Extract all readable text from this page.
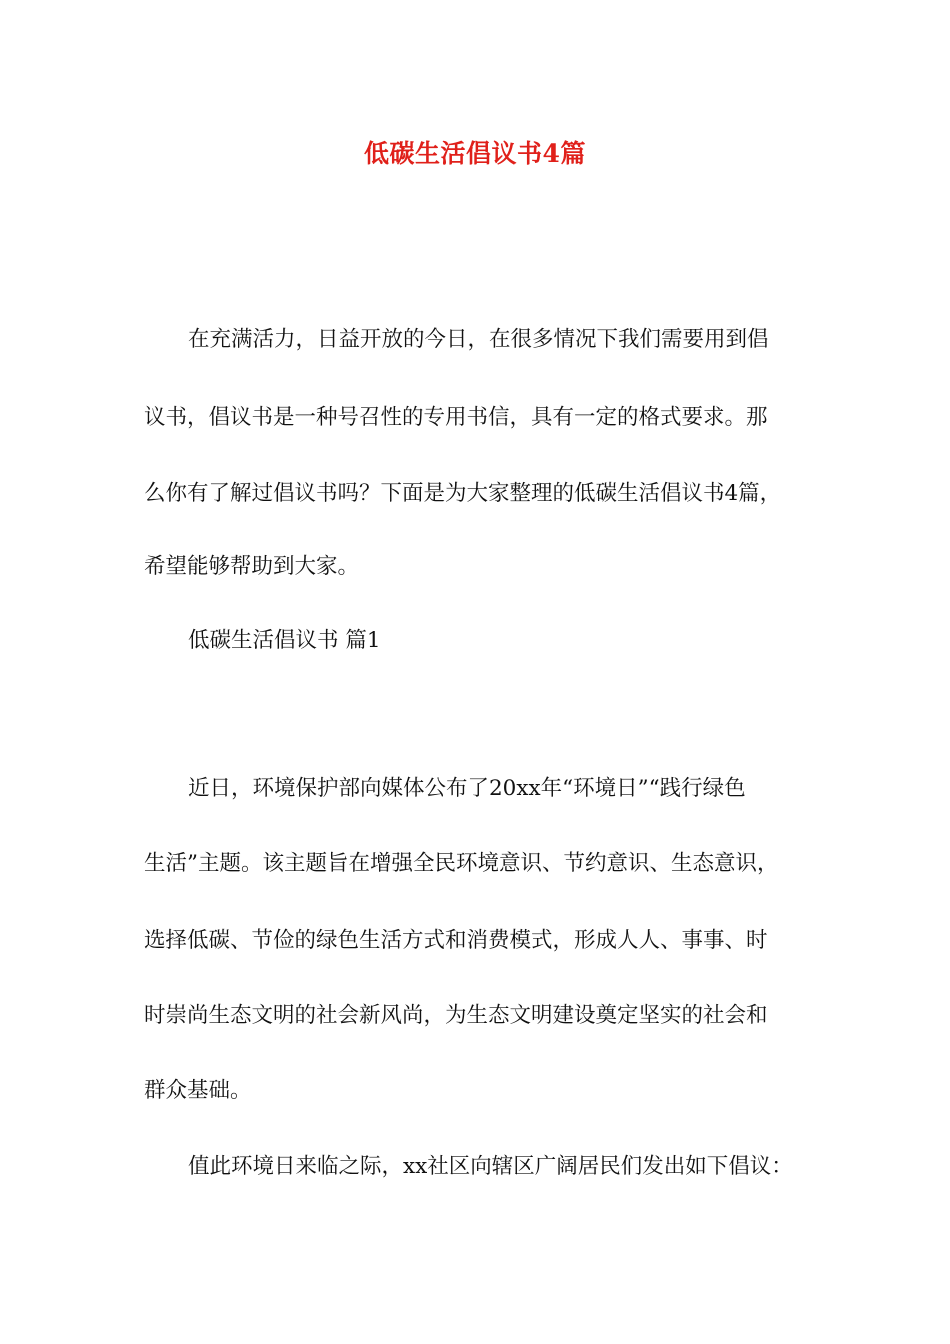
低碳生活倡议书4篇
在充满活力，日益开放的今日，在很多情况下我们需要用到倡
议书，倡议书是一种号召性的专用书信，具有一定的格式要求。那
么你有了解过倡议书吗？下面是为大家整理的低碳生活倡议书4篇，
希望能够帮助到大家。
低碳生活倡议书 篇1
近日，环境保护部向媒体公布了20xx年“环境日”“践行绿色
生活”主题。该主题旨在增强全民环境意识、节约意识、生态意识，
选择低碳、节俭的绿色生活方式和消费模式，形成人人、事事、时
时崇尚生态文明的社会新风尚，为生态文明建设奠定坚实的社会和
群众基础。
值此环境日来临之际，xx社区向辖区广阔居民们发出如下倡议：
